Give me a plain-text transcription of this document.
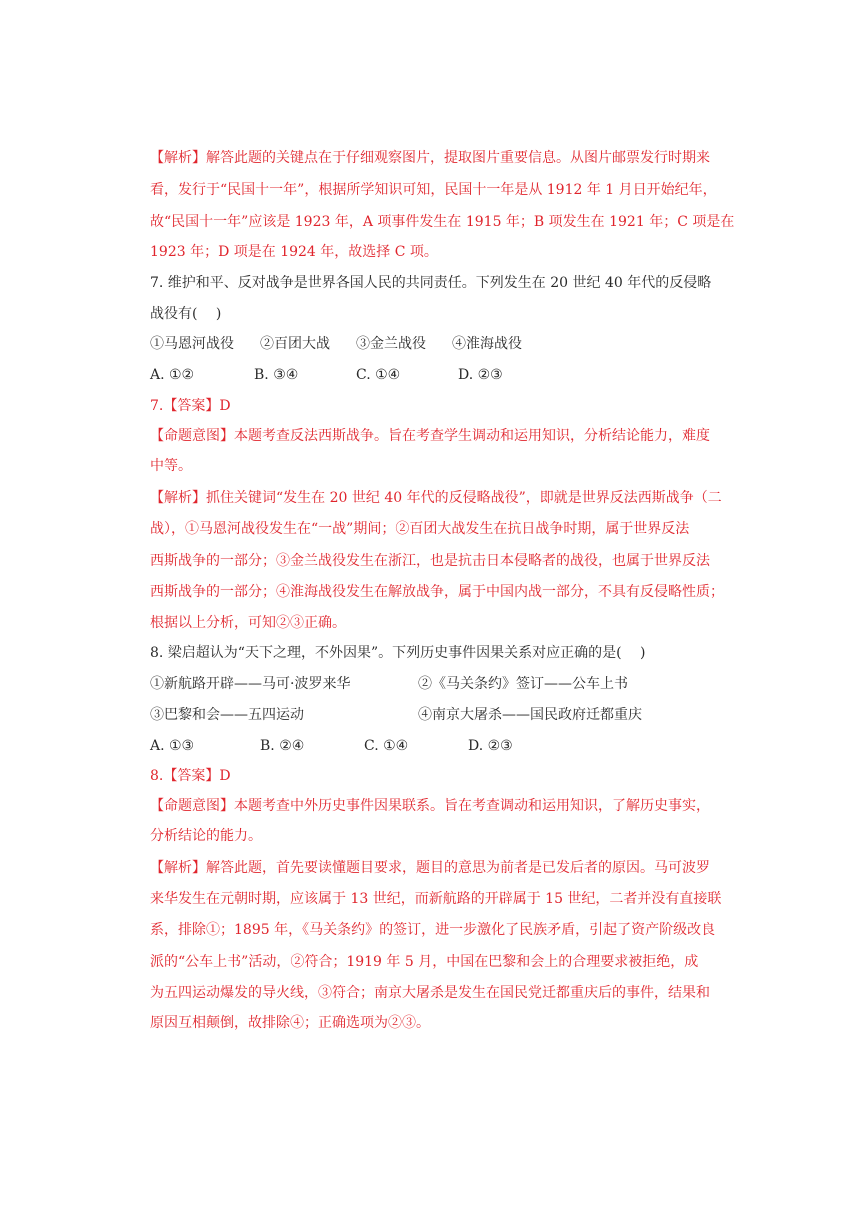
【解析】解答此题的关键点在于仔细观察图片，提取图片重要信息。从图片邮票发行时期来

看，发行于“民国十一年”，根据所学知识可知，民国十一年是从 1912 年 1 月日开始纪年，

故“民国十一年”应该是 1923 年，A 项事件发生在 1915 年；B 项发生在 1921 年；C 项是在

1923 年；D 项是在 1924 年，故选择 C 项。

7. 维护和平、反对战争是世界各国人民的共同责任。下列发生在 20 世纪 40 年代的反侵略

战役有(　 )

①马恩河战役 ②百团大战 ③金兰战役 ④淮海战役
A. ①②	B. ③④	C. ①④	D. ②③

7.【答案】D

【命题意图】本题考查反法西斯战争。旨在考查学生调动和运用知识，分析结论能力，难度

中等。

【解析】抓住关键词“发生在 20 世纪 40 年代的反侵略战役”，即就是世界反法西斯战争（二

战），①马恩河战役发生在“一战”期间；②百团大战发生在抗日战争时期，属于世界反法

西斯战争的一部分；③金兰战役发生在浙江，也是抗击日本侵略者的战役，也属于世界反法

西斯战争的一部分；④淮海战役发生在解放战争，属于中国内战一部分，不具有反侵略性质；

根据以上分析，可知②③正确。

8. 梁启超认为“天下之理，不外因果”。下列历史事件因果关系对应正确的是(　 )

①新航路开辟——马可·波罗来华	②《马关条约》签订——公车上书
③巴黎和会——五四运动	④南京大屠杀——国民政府迁都重庆
A. ①③	B. ②④	C. ①④	D. ②③

8.【答案】D

【命题意图】本题考查中外历史事件因果联系。旨在考查调动和运用知识，了解历史事实，

分析结论的能力。

【解析】解答此题，首先要读懂题目要求，题目的意思为前者是已发后者的原因。马可波罗

来华发生在元朝时期，应该属于 13 世纪，而新航路的开辟属于 15 世纪，二者并没有直接联

系，排除①；1895 年，《马关条约》的签订，进一步激化了民族矛盾，引起了资产阶级改良

派的“公车上书”活动，②符合；1919 年 5 月，中国在巴黎和会上的合理要求被拒绝，成

为五四运动爆发的导火线，③符合；南京大屠杀是发生在国民党迁都重庆后的事件，结果和

原因互相颠倒，故排除④；正确选项为②③。
